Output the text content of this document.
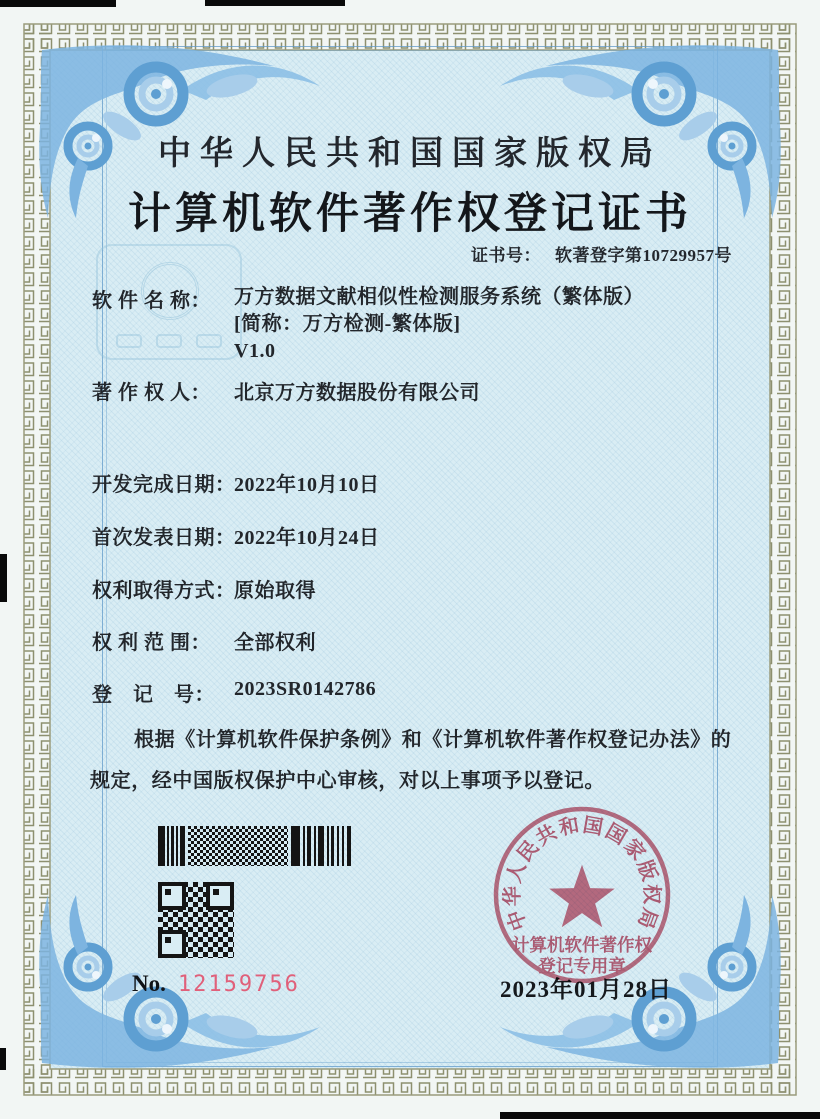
中华人民共和国国家版权局
计算机软件著作权登记证书
证书号： 软著登字第10729957号
软 件 名 称： 万方数据文献相似性检测服务系统（繁体版）
[简称：万方检测-繁体版]
V1.0
著 作 权 人： 北京万方数据股份有限公司
开发完成日期：2022年10月10日
首次发表日期：2022年10月24日
权利取得方式：原始取得
权 利 范 围： 全部权利
登　记　号： 2023SR0142786
根据《计算机软件保护条例》和《计算机软件著作权登记办法》的
规定，经中国版权保护中心审核，对以上事项予以登记。
No. 12159756	2023年01月28日
中华人民共和国国家版权局
计算机软件著作权
登记专用章
